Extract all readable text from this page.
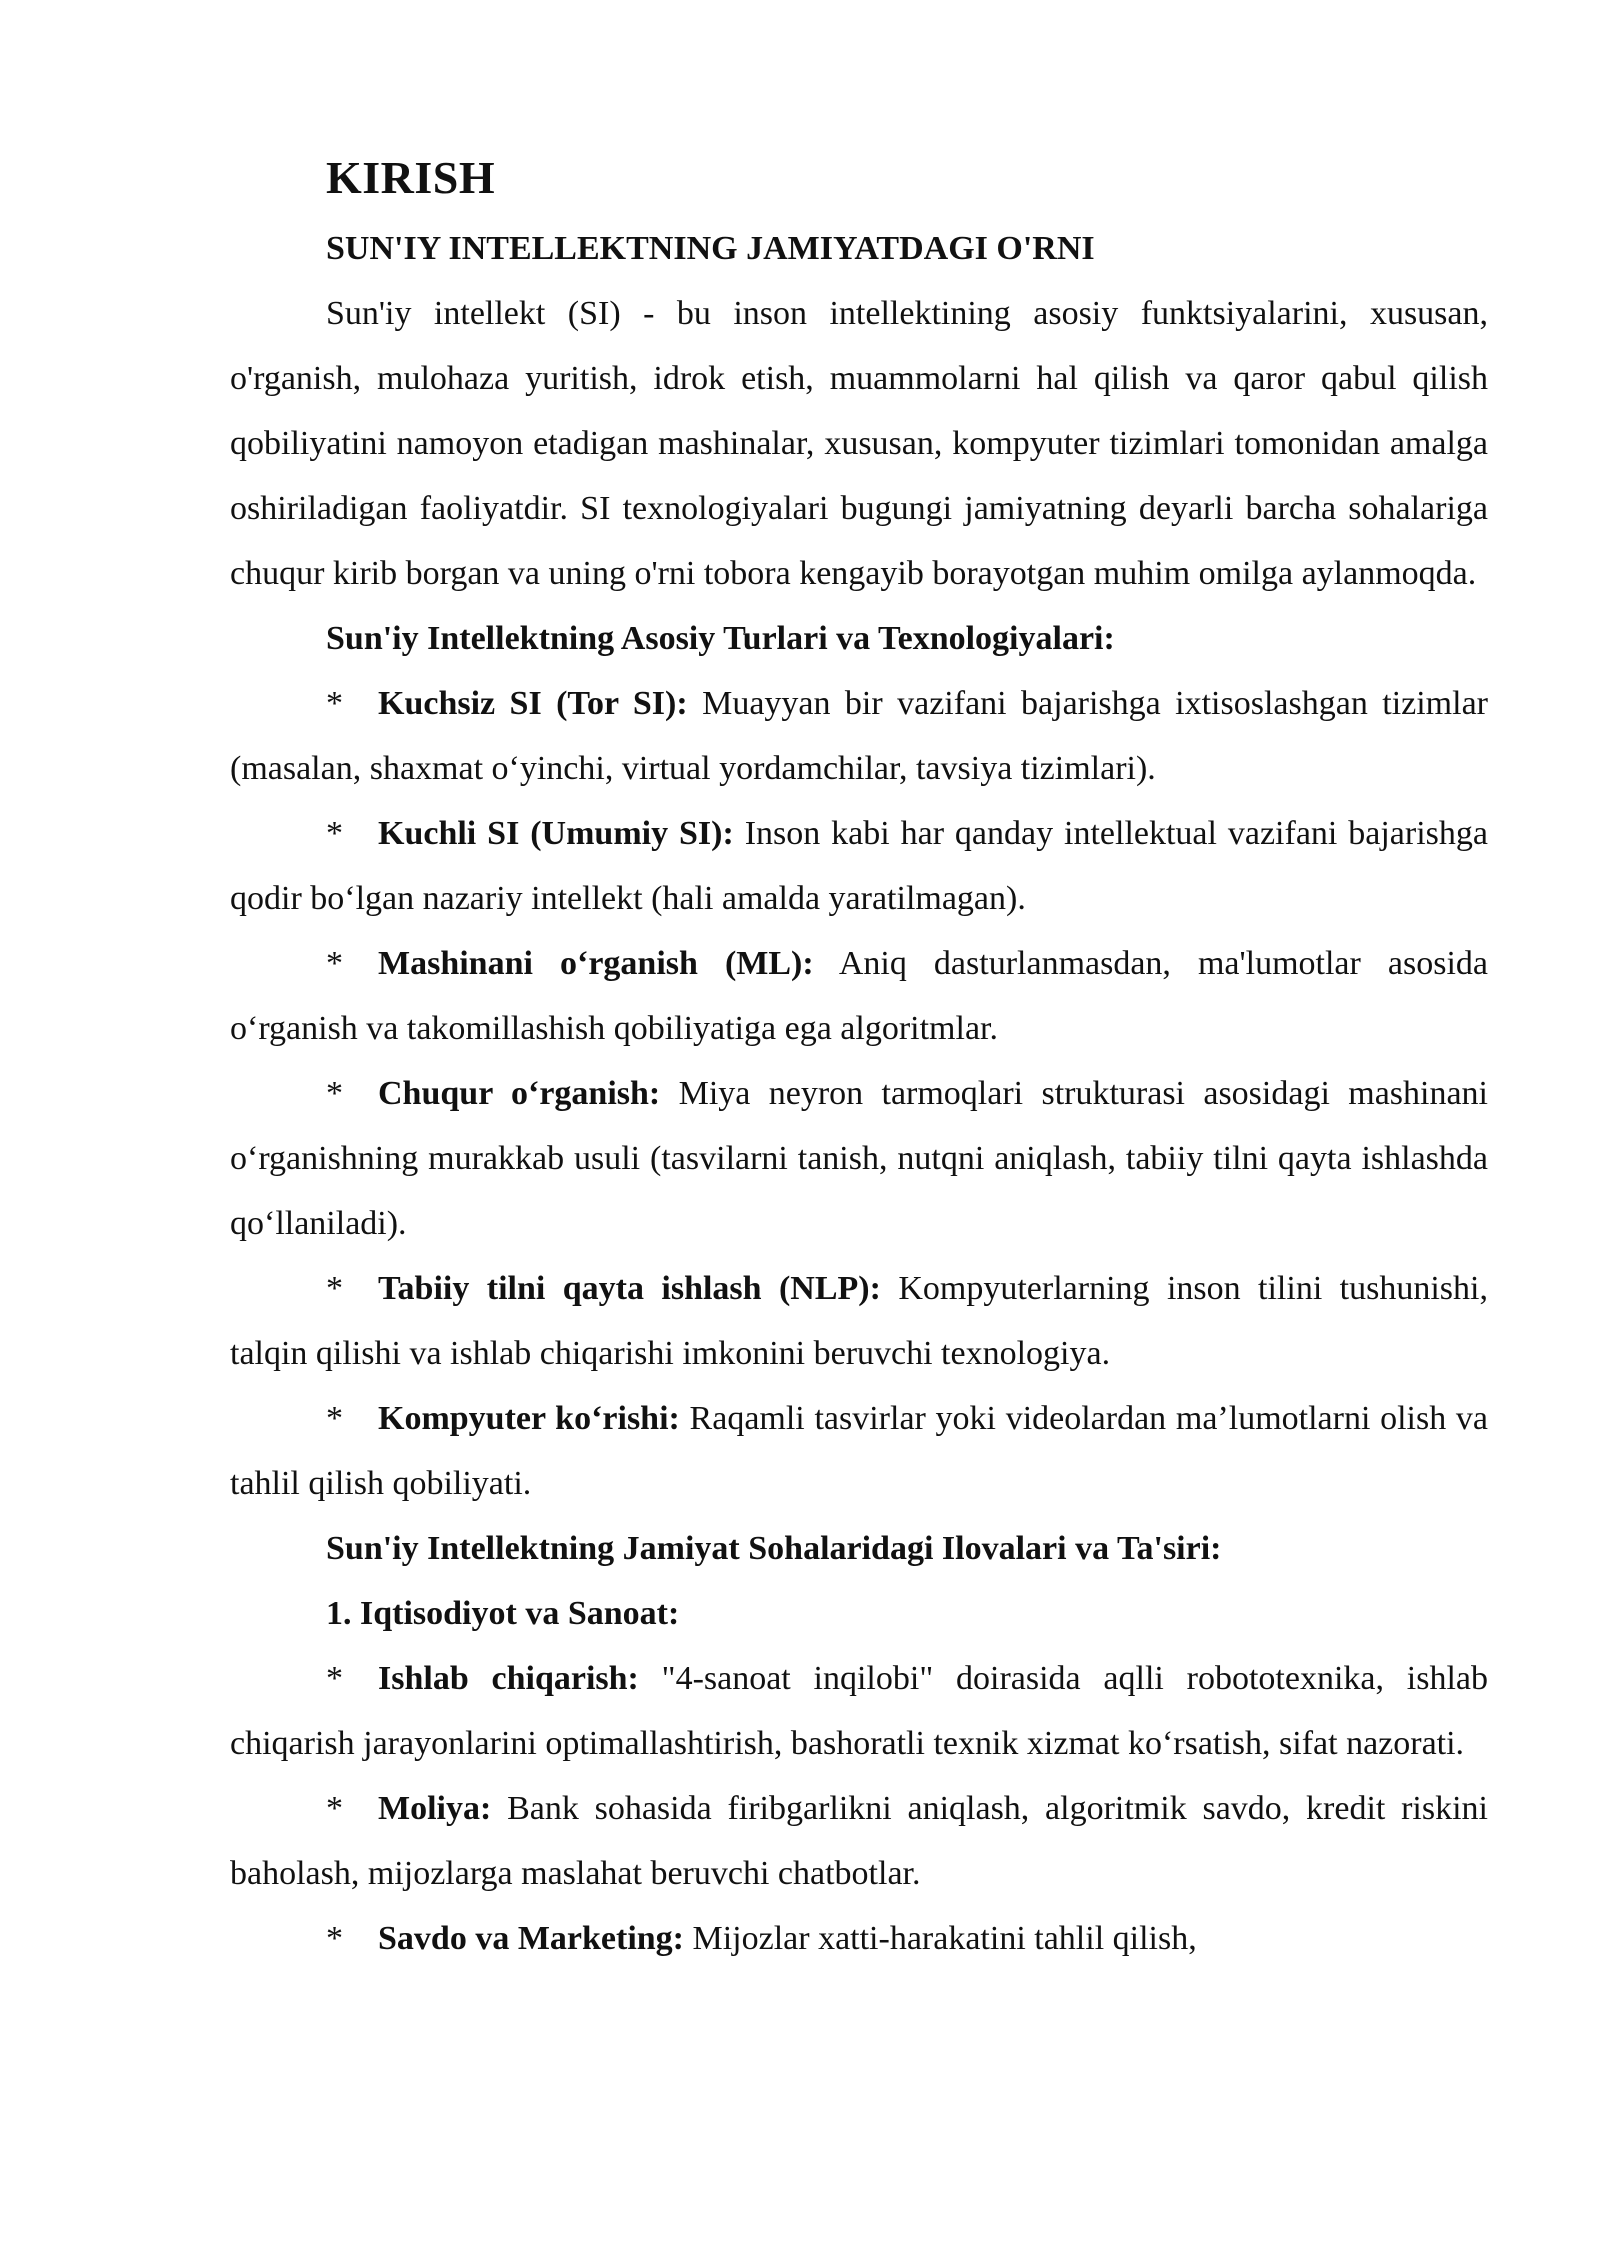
KIRISH
SUN'IY INTELLEKTNING JAMIYATDAGI O'RNI

Sun'iy intellekt (SI) - bu inson intellektining asosiy funktsiyalarini, xususan, o'rganish, mulohaza yuritish, idrok etish, muammolarni hal qilish va qaror qabul qilish qobiliyatini namoyon etadigan mashinalar, xususan, kompyuter tizimlari tomonidan amalga oshiriladigan faoliyatdir. SI texnologiyalari bugungi jamiyatning deyarli barcha sohalariga chuqur kirib borgan va uning o'rni tobora kengayib borayotgan muhim omilga aylanmoqda.

Sun'iy Intellektning Asosiy Turlari va Texnologiyalari:

* Kuchsiz SI (Tor SI): Muayyan bir vazifani bajarishga ixtisoslashgan tizimlar (masalan, shaxmat o‘yinchi, virtual yordamchilar, tavsiya tizimlari).

* Kuchli SI (Umumiy SI): Inson kabi har qanday intellektual vazifani bajarishga qodir bo‘lgan nazariy intellekt (hali amalda yaratilmagan).

* Mashinani o‘rganish (ML): Aniq dasturlanmasdan, ma'lumotlar asosida o‘rganish va takomillashish qobiliyatiga ega algoritmlar.

* Chuqur o‘rganish: Miya neyron tarmoqlari strukturasi asosidagi mashinani o‘rganishning murakkab usuli (tasvilarni tanish, nutqni aniqlash, tabiiy tilni qayta ishlashda qo‘llaniladi).

* Tabiiy tilni qayta ishlash (NLP): Kompyuterlarning inson tilini tushunishi, talqin qilishi va ishlab chiqarishi imkonini beruvchi texnologiya.

* Kompyuter ko‘rishi: Raqamli tasvirlar yoki videolardan ma’lumotlarni olish va tahlil qilish qobiliyati.

Sun'iy Intellektning Jamiyat Sohalaridagi Ilovalari va Ta'siri:
1. Iqtisodiyot va Sanoat:

* Ishlab chiqarish: "4-sanoat inqilobi" doirasida aqlli robototexnika, ishlab chiqarish jarayonlarini optimallashtirish, bashoratli texnik xizmat ko‘rsatish, sifat nazorati.

* Moliya: Bank sohasida firibgarlikni aniqlash, algoritmik savdo, kredit riskini baholash, mijozlarga maslahat beruvchi chatbotlar.

* Savdo va Marketing: Mijozlar xatti-harakatini tahlil qilish,
